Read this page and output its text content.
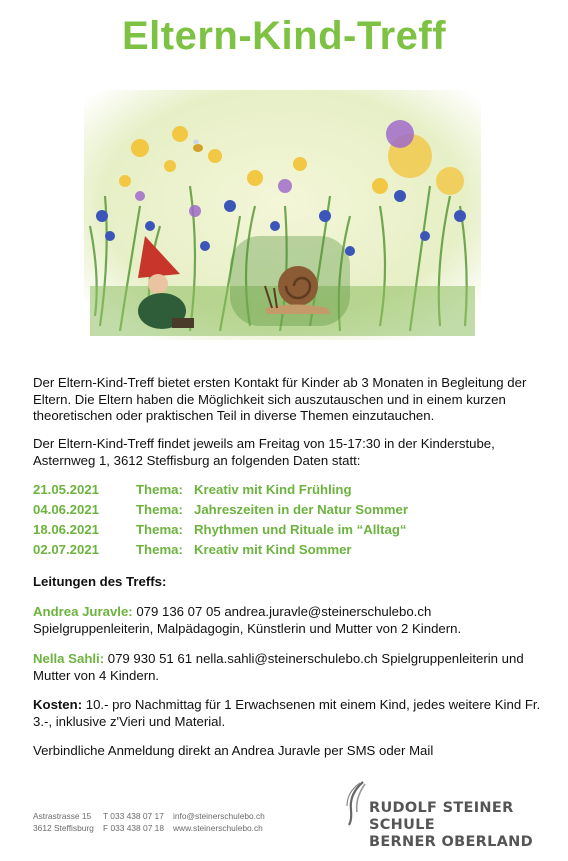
Eltern-Kind-Treff
Der Eltern-Kind-Treff bietet ersten Kontakt für Kinder ab 3 Monaten in Begleitung der Eltern. Die Eltern haben die Möglichkeit sich auszutauschen und in einem kurzen theoretischen oder praktischen Teil in diverse Themen einzutauchen.
Der Eltern-Kind-Treff findet jeweils am Freitag von 15-17:30 in der Kinderstube, Asternweg 1, 3612 Steffisburg an folgenden Daten statt:
21.05.2021	Thema: Kreativ mit Kind Frühling
04.06.2021	Thema: Jahreszeiten in der Natur Sommer
18.06.2021	Thema: Rhythmen und Rituale im “Alltag“
02.07.2021	Thema: Kreativ mit Kind Sommer
Leitungen des Treffs:
Andrea Juravle: 079 136 07 05 andrea.juravle@steinerschulebo.ch
Spielgruppenleiterin, Malpädagogin, Künstlerin und Mutter von 2 Kindern.
Nella Sahli: 079 930 51 61 nella.sahli@steinerschulebo.ch Spielgruppenleiterin und Mutter von 4 Kindern.
Kosten: 10.- pro Nachmittag für 1 Erwachsenen mit einem Kind, jedes weitere Kind Fr. 3.-, inklusive z'Vieri und Material.
Verbindliche Anmeldung direkt an Andrea Juravle per SMS oder Mail
Astrastrasse 15
3612 Steffisburg
T 033 438 07 17
F 033 438 07 18
info@steinerschulebo.ch
www.steinerschulebo.ch
RUDOLF STEINER SCHULE
BERNER OBERLAND
